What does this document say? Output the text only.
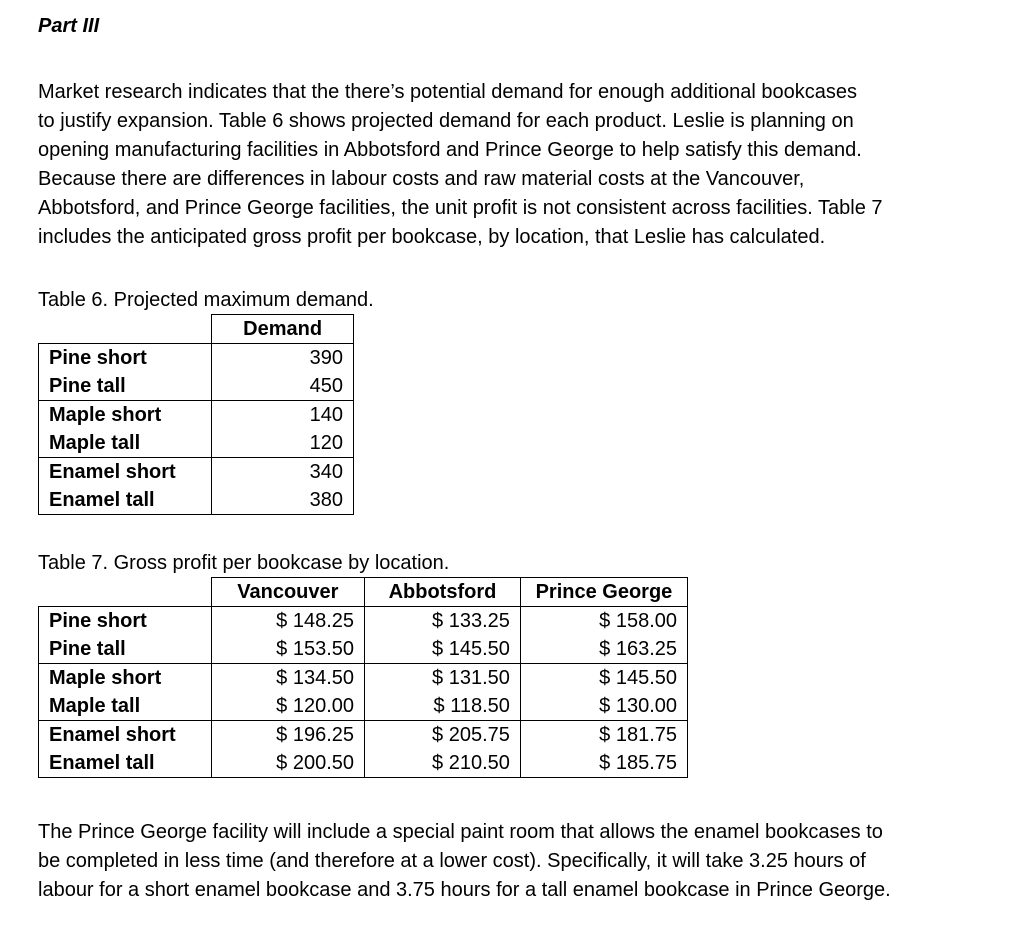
Part III

Market research indicates that the there’s potential demand for enough additional bookcases

to justify expansion. Table 6 shows projected demand for each product. Leslie is planning on

opening manufacturing facilities in Abbotsford and Prince George to help satisfy this demand.

Because there are differences in labour costs and raw material costs at the Vancouver,

Abbotsford, and Prince George facilities, the unit profit is not consistent across facilities. Table 7

includes the anticipated gross profit per bookcase, by location, that Leslie has calculated.

Table 6. Projected maximum demand.

	Demand
Pine short	390
Pine tall	450
Maple short	140
Maple tall	120
Enamel short	340
Enamel tall	380

Table 7. Gross profit per bookcase by location.

	Vancouver	Abbotsford	Prince George
Pine short	$ 148.25	$ 133.25	$ 158.00
Pine tall	$ 153.50	$ 145.50	$ 163.25
Maple short	$ 134.50	$ 131.50	$ 145.50
Maple tall	$ 120.00	$ 118.50	$ 130.00
Enamel short	$ 196.25	$ 205.75	$ 181.75
Enamel tall	$ 200.50	$ 210.50	$ 185.75

The Prince George facility will include a special paint room that allows the enamel bookcases to

be completed in less time (and therefore at a lower cost). Specifically, it will take 3.25 hours of

labour for a short enamel bookcase and 3.75 hours for a tall enamel bookcase in Prince George.
